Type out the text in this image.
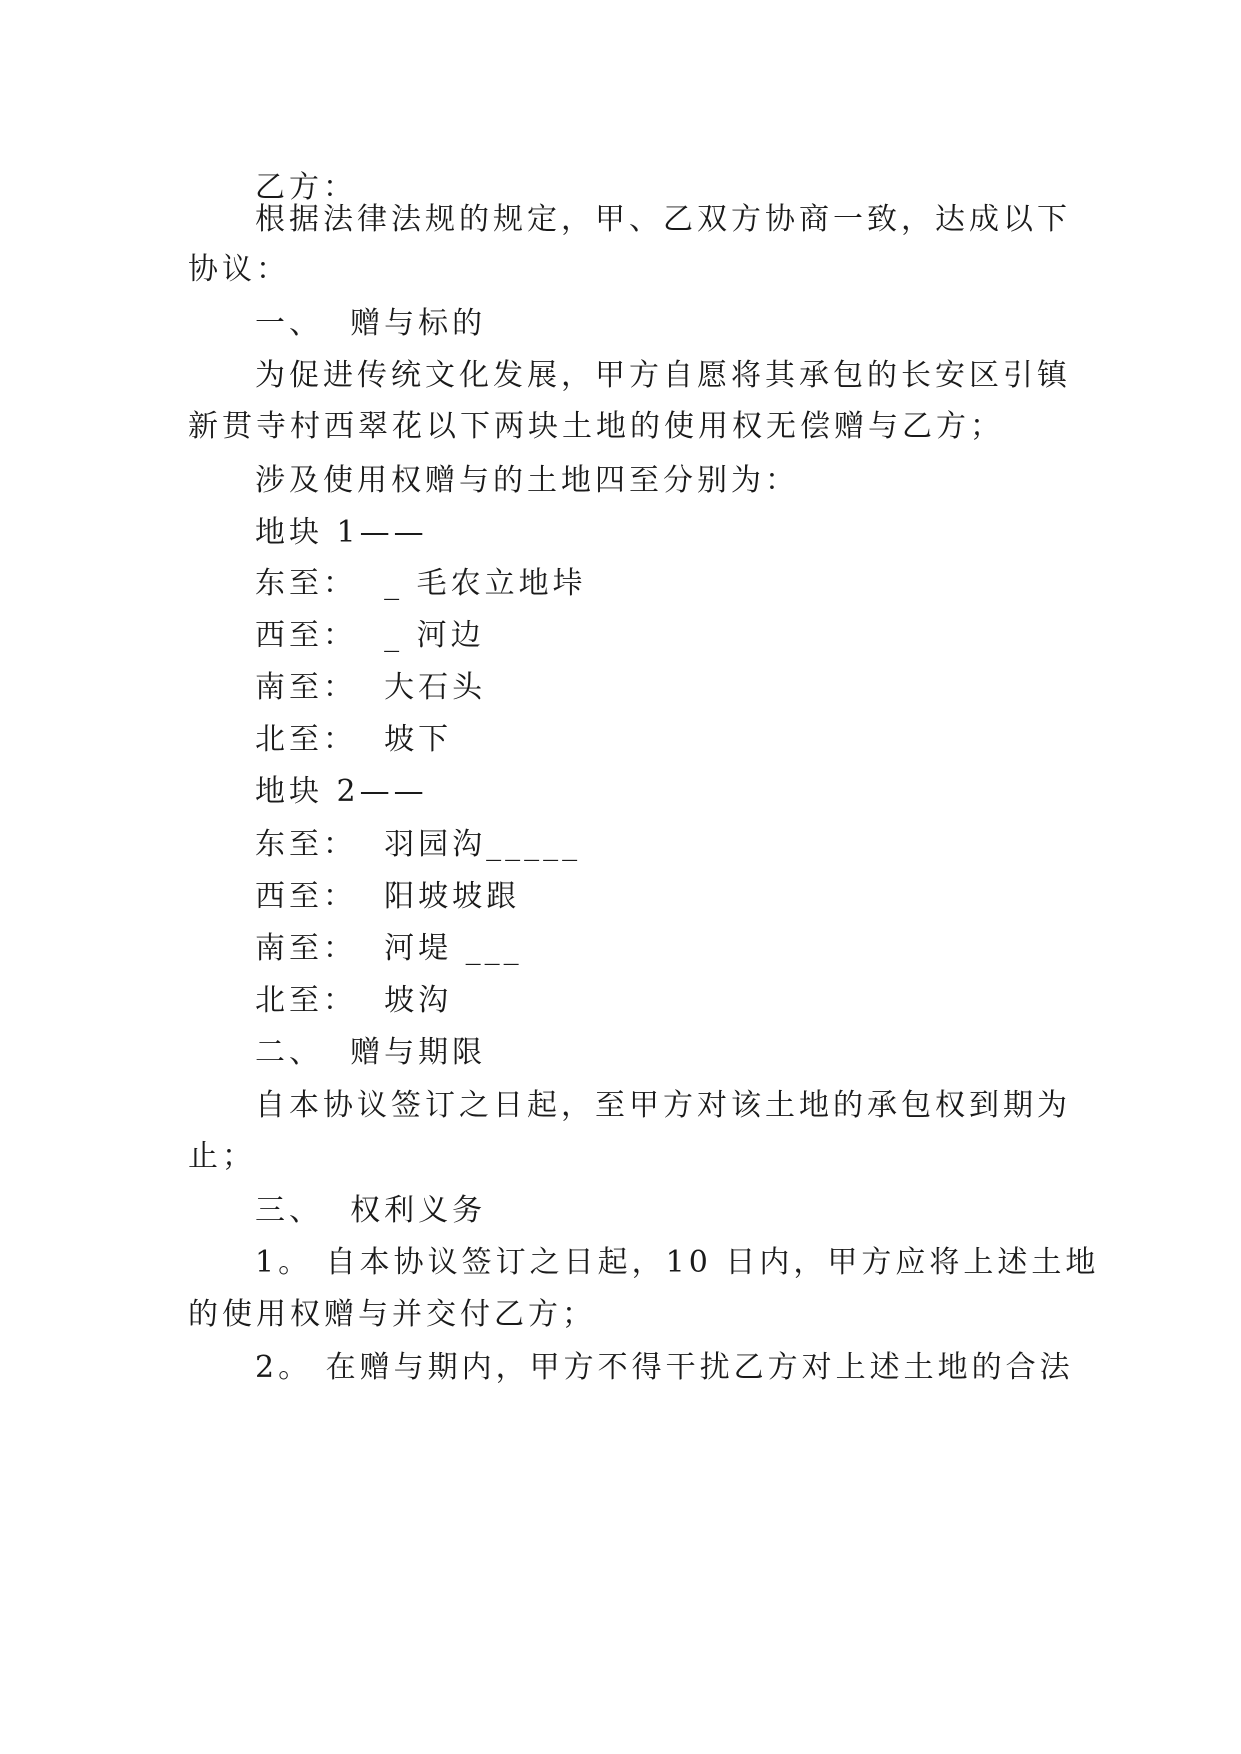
乙方：
根据法律法规的规定，甲、乙双方协商一致，达成以下
协议：
一、  赠与标的
为促进传统文化发展，甲方自愿将其承包的长安区引镇
新贯寺村西翠花以下两块土地的使用权无偿赠与乙方；
涉及使用权赠与的土地四至分别为：
地块 1——
东至：  _ 毛农立地垰
西至：  _ 河边
南至：  大石头
北至：  坡下
地块 2——
东至：  羽园沟_____
西至：  阳坡坡跟
南至：  河堤 ___
北至：  坡沟
二、  赠与期限
自本协议签订之日起，至甲方对该土地的承包权到期为
止；
三、  权利义务
1。 自本协议签订之日起，10 日内，甲方应将上述土地
的使用权赠与并交付乙方；
2。 在赠与期内，甲方不得干扰乙方对上述土地的合法
